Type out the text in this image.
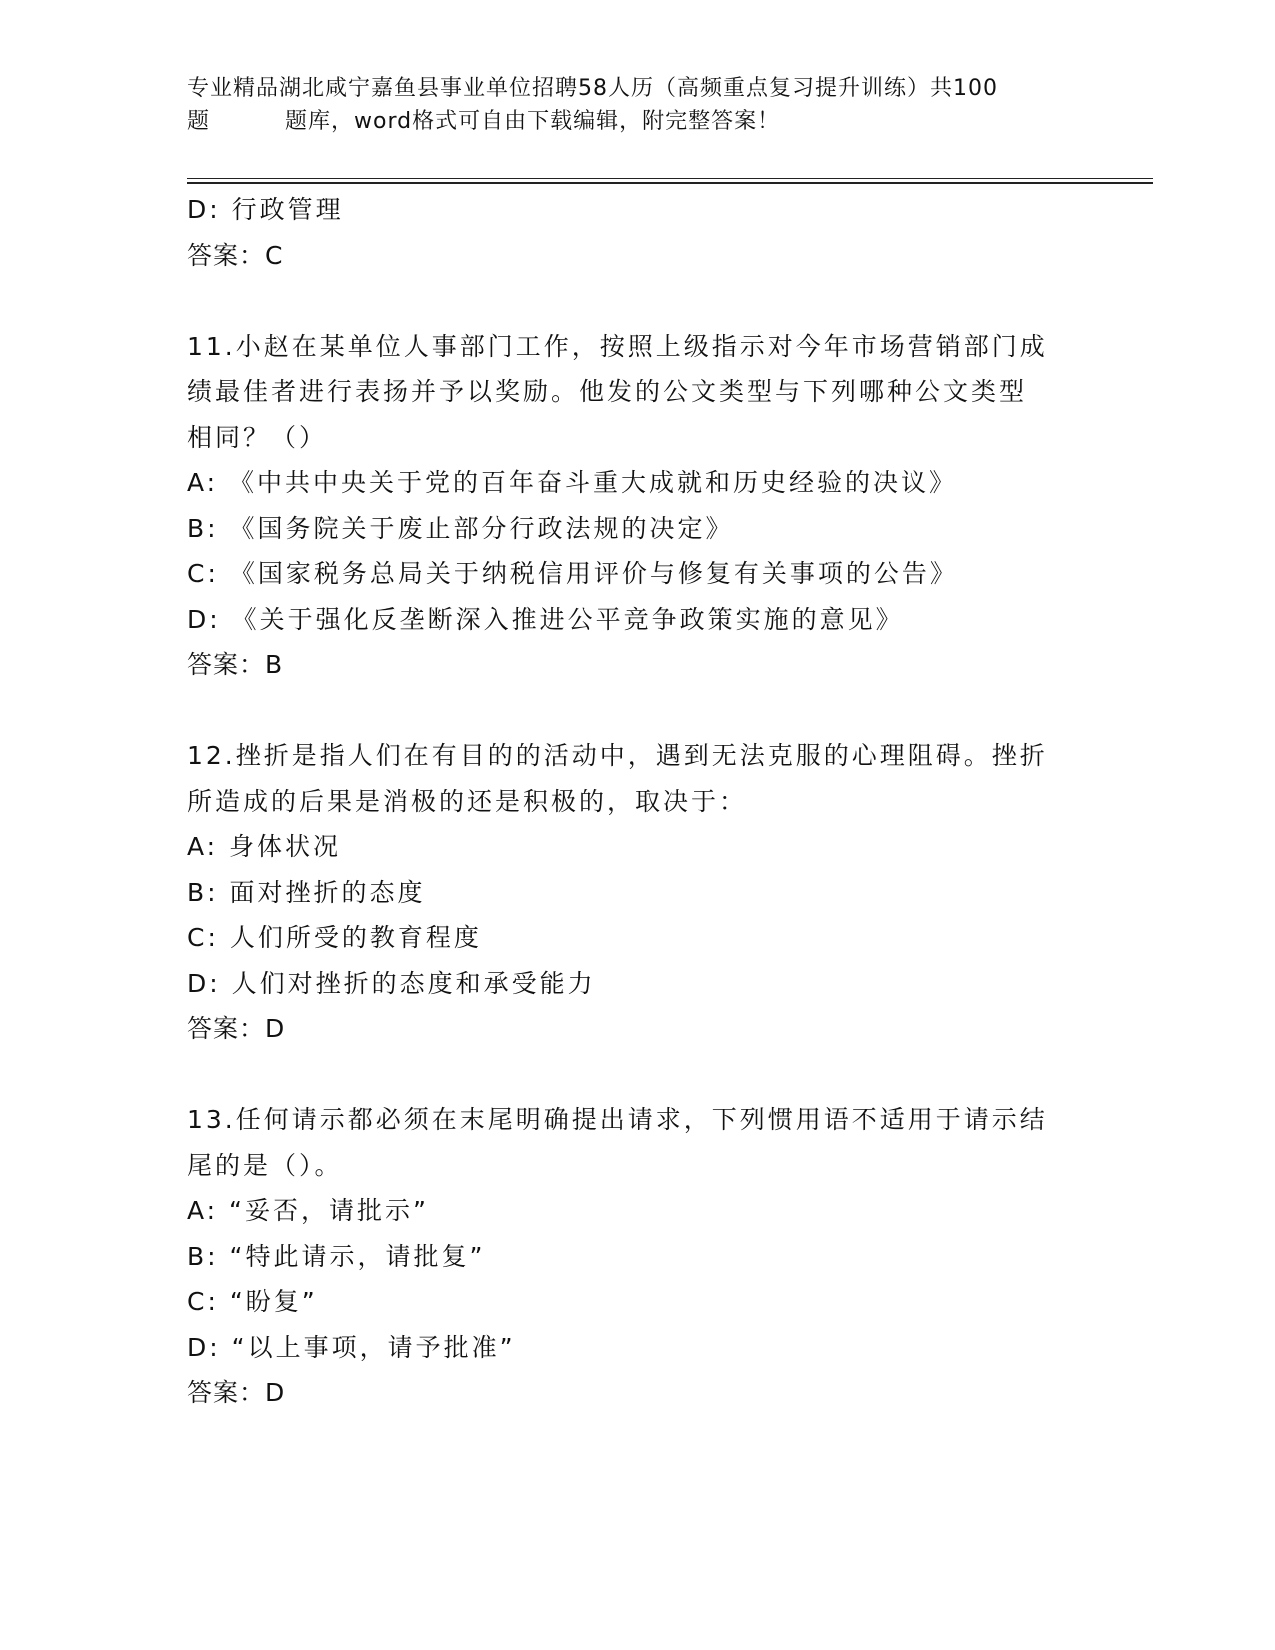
专业精品湖北咸宁嘉鱼县事业单位招聘58人历（高频重点复习提升训练）共100
题	题库，word格式可自由下载编辑，附完整答案！
D: 行政管理
答案：C
11.小赵在某单位人事部门工作，按照上级指示对今年市场营销部门成
绩最佳者进行表扬并予以奖励。他发的公文类型与下列哪种公文类型
相同？（）
A: 《中共中央关于党的百年奋斗重大成就和历史经验的决议》
B: 《国务院关于废止部分行政法规的决定》
C: 《国家税务总局关于纳税信用评价与修复有关事项的公告》
D: 《关于强化反垄断深入推进公平竞争政策实施的意见》
答案：B
12.挫折是指人们在有目的的活动中，遇到无法克服的心理阻碍。挫折
所造成的后果是消极的还是积极的，取决于：
A: 身体状况
B: 面对挫折的态度
C: 人们所受的教育程度
D: 人们对挫折的态度和承受能力
答案：D
13.任何请示都必须在末尾明确提出请求，下列惯用语不适用于请示结
尾的是（）。
A: “妥否，请批示”
B: “特此请示，请批复”
C: “盼复”
D: “以上事项，请予批准”
答案：D
